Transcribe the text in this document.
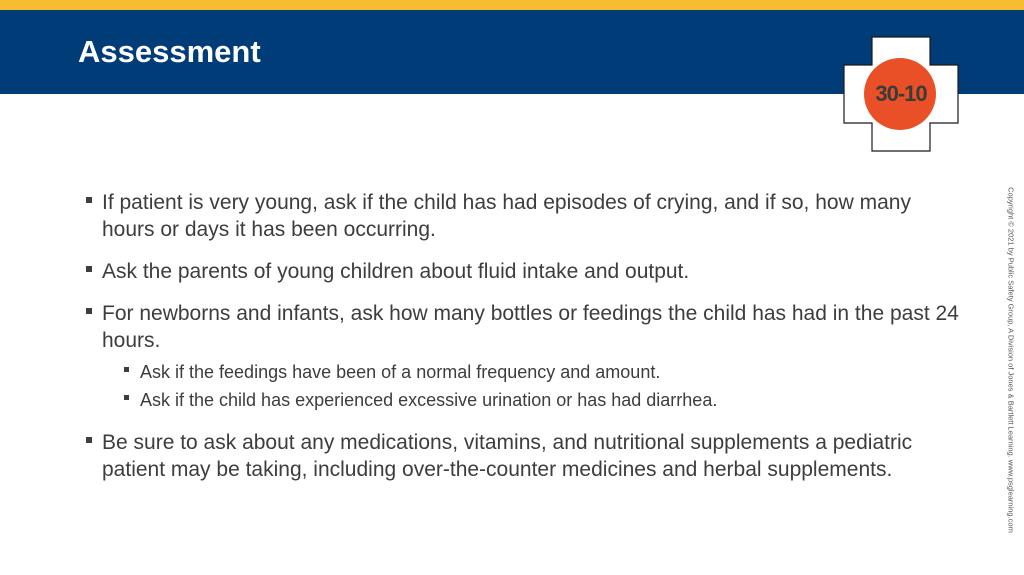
Assessment
30-10
If patient is very young, ask if the child has had episodes of crying, and if so, how many hours or days it has been occurring.
Ask the parents of young children about fluid intake and output.
For newborns and infants, ask how many bottles or feedings the child has had in the past 24 hours.
Ask if the feedings have been of a normal frequency and amount.
Ask if the child has experienced excessive urination or has had diarrhea.
Be sure to ask about any medications, vitamins, and nutritional supplements a pediatric patient may be taking, including over-the-counter medicines and herbal supplements.	Copyright © 2021 by Public Safety Group, A Division of Jones & Bartlett Learning. www.psglearning.com
